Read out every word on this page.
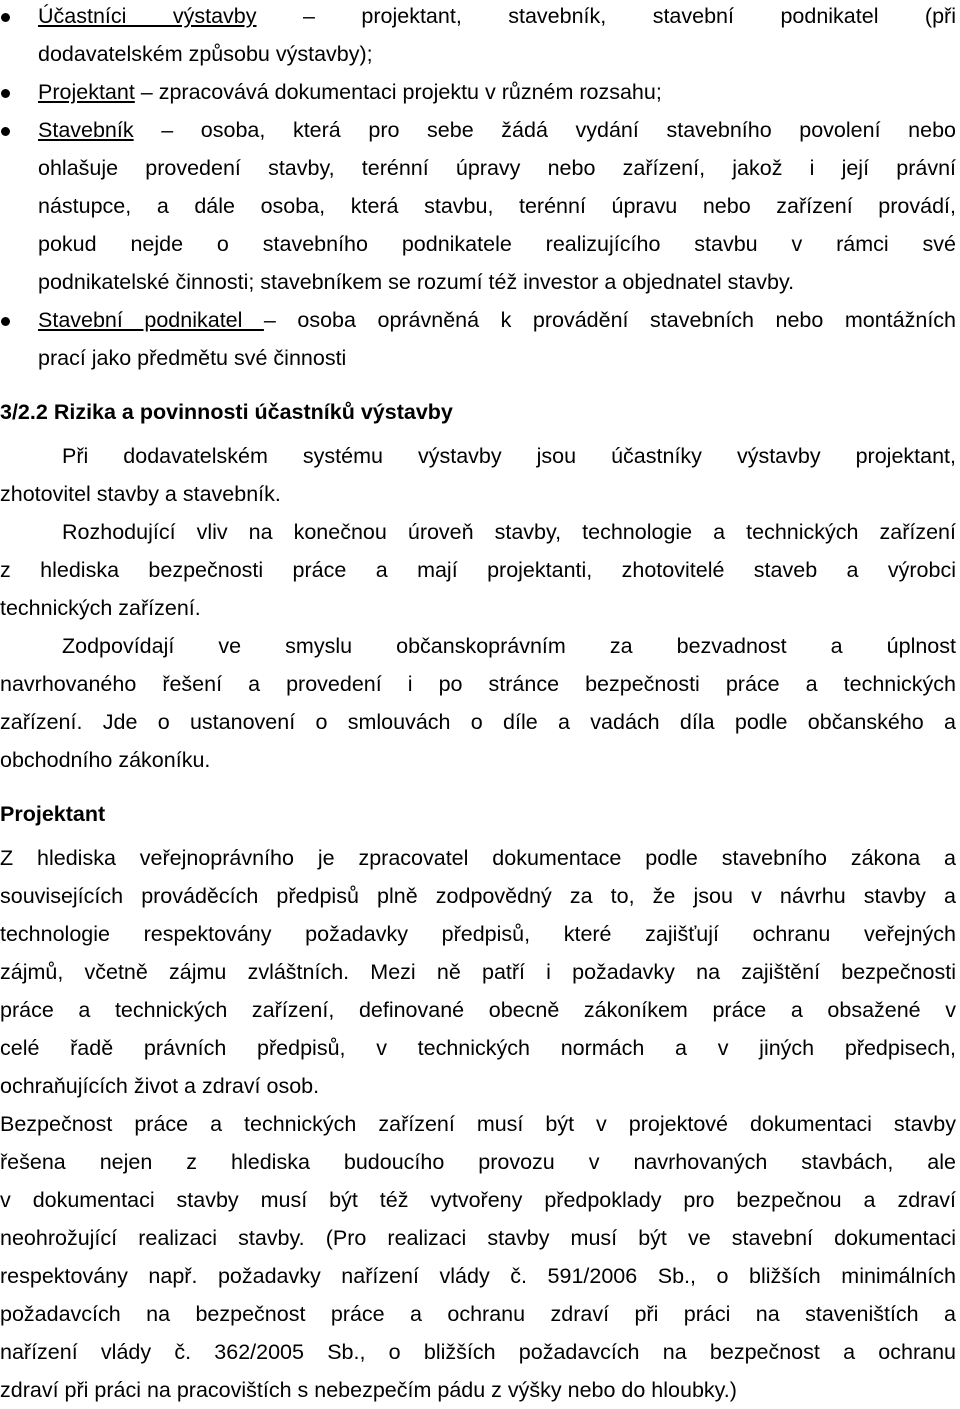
Účastníci výstavby – projektant, stavebník, stavební podnikatel (při
dodavatelském způsobu výstavby);
Projektant – zpracovává dokumentaci projektu v různém rozsahu;
Stavebník – osoba, která pro sebe žádá vydání stavebního povolení nebo
ohlašuje provedení stavby, terénní úpravy nebo zařízení, jakož i její právní
nástupce, a dále osoba, která stavbu, terénní úpravu nebo zařízení provádí,
pokud nejde o stavebního podnikatele realizujícího stavbu v rámci své
podnikatelské činnosti; stavebníkem se rozumí též investor a objednatel stavby.
Stavební podnikatel – osoba oprávněná k provádění stavebních nebo montážních
prací jako předmětu své činnosti
3/2.2 Rizika a povinnosti účastníků výstavby
Při dodavatelském systému výstavby jsou účastníky výstavby projektant,
zhotovitel stavby a stavebník.
Rozhodující vliv na konečnou úroveň stavby, technologie a technických zařízení
z hlediska bezpečnosti práce a mají projektanti, zhotovitelé staveb a výrobci
technických zařízení.
Zodpovídají ve smyslu občanskoprávním za bezvadnost a úplnost
navrhovaného řešení a provedení i po stránce bezpečnosti práce a technických
zařízení. Jde o ustanovení o smlouvách o díle a vadách díla podle občanského a
obchodního zákoníku.
Projektant
Z hlediska veřejnoprávního je zpracovatel dokumentace podle stavebního zákona a
souvisejících prováděcích předpisů plně zodpovědný za to, že jsou v návrhu stavby a
technologie respektovány požadavky předpisů, které zajišťují ochranu veřejných
zájmů, včetně zájmu zvláštních. Mezi ně patří i požadavky na zajištění bezpečnosti
práce a technických zařízení, definované obecně zákoníkem práce a obsažené v
celé řadě právních předpisů, v technických normách a v jiných předpisech,
ochraňujících život a zdraví osob.
Bezpečnost práce a technických zařízení musí být v projektové dokumentaci stavby
řešena nejen z hlediska budoucího provozu v navrhovaných stavbách, ale
v dokumentaci stavby musí být též vytvořeny předpoklady pro bezpečnou a zdraví
neohrožující realizaci stavby. (Pro realizaci stavby musí být ve stavební dokumentaci
respektovány např. požadavky nařízení vlády č. 591/2006 Sb., o bližších minimálních
požadavcích na bezpečnost práce a ochranu zdraví při práci na staveništích a
nařízení vlády č. 362/2005 Sb., o bližších požadavcích na bezpečnost a ochranu
zdraví při práci na pracovištích s nebezpečím pádu z výšky nebo do hloubky.)
